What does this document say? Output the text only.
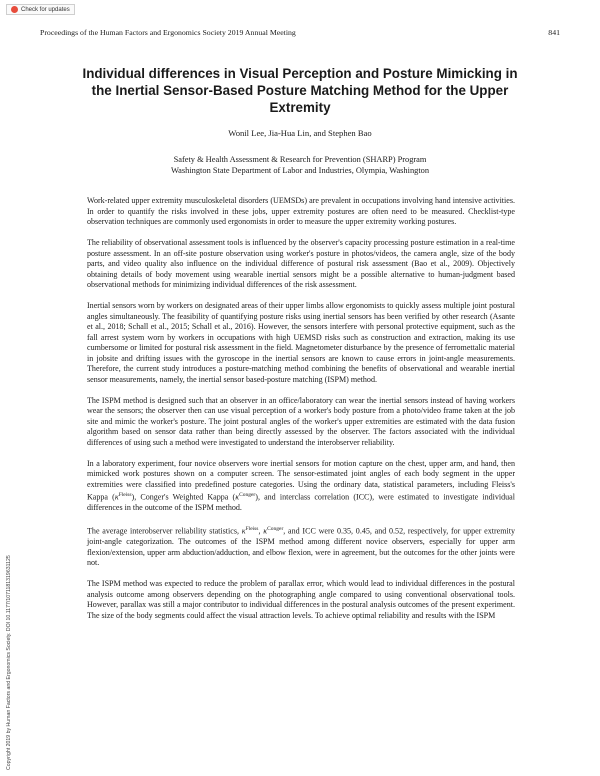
Check for updates
Proceedings of the Human Factors and Ergonomics Society 2019 Annual Meeting	841
Individual differences in Visual Perception and Posture Mimicking in the Inertial Sensor-Based Posture Matching Method for the Upper Extremity
Wonil Lee, Jia-Hua Lin, and Stephen Bao
Safety & Health Assessment & Research for Prevention (SHARP) Program
Washington State Department of Labor and Industries, Olympia, Washington
Copyright 2019 by Human Factors and Ergonomics Society. DOI 10.1177/1071181319631125

Work-related upper extremity musculoskeletal disorders (UEMSDs) are prevalent in occupations involving hand intensive activities. In order to quantify the risks involved in these jobs, upper extremity postures are often need to be measured. Checklist-type observation techniques are commonly used ergonomists in order to measure the upper extremity working postures.

The reliability of observational assessment tools is influenced by the observer's capacity processing posture estimation in a real-time posture assessment. In an off-site posture observation using worker's posture in photos/videos, the camera angle, size of the body parts, and video quality also influence on the individual difference of postural risk assessment (Bao et al., 2009). Objectively obtaining details of body movement using wearable inertial sensors might be a possible alternative to human-judgment based observational methods for minimizing individual differences of the risk assessment.

Inertial sensors worn by workers on designated areas of their upper limbs allow ergonomists to quickly assess multiple joint postural angles simultaneously. The feasibility of quantifying posture risks using inertial sensors has been verified by other research (Asante et al., 2018; Schall et al., 2015; Schall et al., 2016). However, the sensors interfere with personal protective equipment, such as the fall arrest system worn by workers in occupations with high UEMSD risks such as construction and extraction, making its use cumbersome or limited for postural risk assessment in the field. Magnetometer disturbance by the presence of ferromettalic material in jobsite and drifting issues with the gyroscope in the inertial sensors are known to cause errors in joint-angle measurements. Therefore, the current study introduces a posture-matching method combining the benefits of observational and wearable inertial sensor measurements, namely, the inertial sensor based-posture matching (ISPM) method.

The ISPM method is designed such that an observer in an office/laboratory can wear the inertial sensors instead of having workers wear the sensors; the observer then can use visual perception of a worker's body posture from a photo/video frame taken at the job site and mimic the worker's posture. The joint postural angles of the worker's upper extremities are estimated with the data fusion algorithm based on sensor data rather than being directly assessed by the observer. The factors associated with the individual differences of using such a method were investigated to understand the interobserver reliability.

In a laboratory experiment, four novice observers wore inertial sensors for motion capture on the chest, upper arm, and hand, then mimicked work postures shown on a computer screen. The sensor-estimated joint angles of each body segment in the upper extremities were classified into predefined posture categories. Using the ordinary data, statistical parameters, including Fleiss's Kappa $(\kappa^{Fleiss})$, Conger's Weighted Kappa $(\kappa^{Conger})$, and interclass correlation (ICC), were estimated to investigate individual differences in the outcome of the ISPM method.

The average interobserver reliability statistics, $\kappa^{Fleiss}$, $\kappa^{Conger}$, and ICC were 0.35, 0.45, and 0.52, respectively, for upper extremity joint-angle categorization. The outcomes of the ISPM method among different novice observers, especially for upper arm flexion/extension, upper arm abduction/adduction, and elbow flexion, were in agreement, but the outcomes for the other joints were not.

The ISPM method was expected to reduce the problem of parallax error, which would lead to individual differences in the postural analysis outcome among observers depending on the photographing angle compared to using conventional observational tools. However, parallax was still a major contributor to individual differences in the postural analysis outcomes of the present experiment. The size of the body segments could affect the visual attraction levels. To achieve optimal reliability and results with the ISPM
